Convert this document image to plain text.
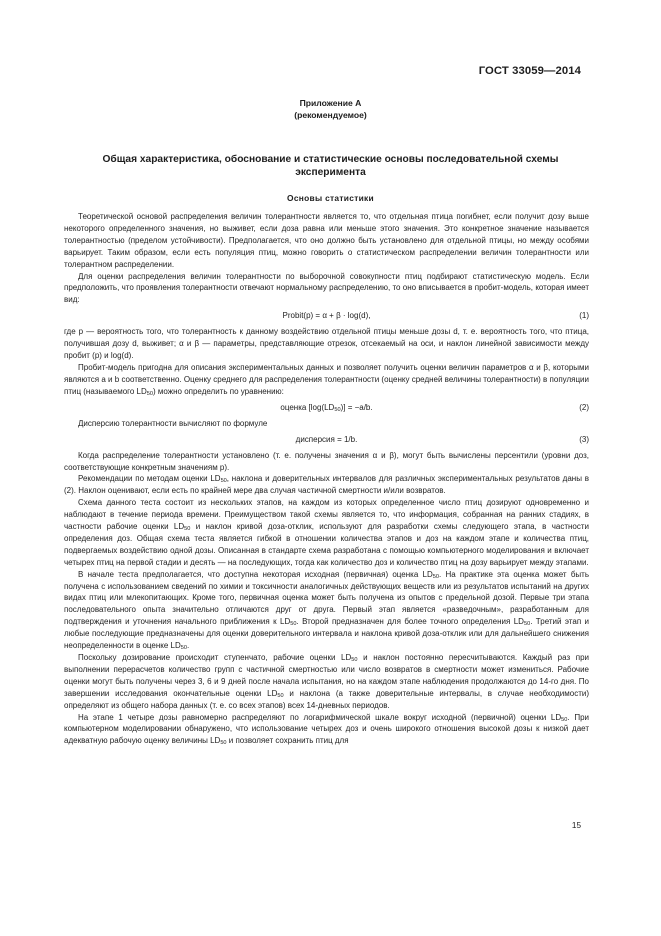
ГОСТ 33059—2014
Приложение А
(рекомендуемое)
Общая характеристика, обоснование и статистические основы последовательной схемы
эксперимента
Основы статистики

Теоретической основой распределения величин толерантности является то, что отдельная птица погибнет, если получит дозу выше некоторого определенного значения, но выживет, если доза равна или меньше этого значения. Это конкретное значение называется толерантностью (пределом устойчивости). Предполагается, что оно должно быть установлено для отдельной птицы, но между особями варьирует. Таким образом, если есть популяция птиц, можно говорить о статистическом распределении величин толерантности или толерантном распределении.

Для оценки распределения величин толерантности по выборочной совокупности птиц подбирают статистическую модель. Если предположить, что проявления толерантности отвечают нормальному распределению, то оно вписывается в пробит-модель, которая имеет вид:

Probit(p) = α + β · log(d),	(1)

где p — вероятность того, что толерантность к данному воздействию отдельной птицы меньше дозы d, т. е. вероятность того, что птица, получившая дозу d, выживет; α и β — параметры, представляющие отрезок, отсекаемый на оси, и наклон линейной зависимости между пробит (p) и log(d).

Пробит-модель пригодна для описания экспериментальных данных и позволяет получить оценки величин параметров α и β, которыми являются a и b соответственно. Оценку среднего для распределения толерантности (оценку средней величины толерантности) в популяции птиц (называемого $LD_{50}$) можно определить по уравнению:

оценка $[\log(LD_{50})] = -a/b$.	(2)

Дисперсию толерантности вычисляют по формуле

дисперсия = 1/b.	(3)

Когда распределение толерантности установлено (т. е. получены значения α и β), могут быть вычислены персентили (уровни доз, соответствующие конкретным значениям p).

Рекомендации по методам оценки $LD_{50}$, наклона и доверительных интервалов для различных экспериментальных результатов даны в (2). Наклон оценивают, если есть по крайней мере два случая частичной смертности и/или возвратов.

Схема данного теста состоит из нескольких этапов, на каждом из которых определенное число птиц дозируют одновременно и наблюдают в течение периода времени. Преимуществом такой схемы является то, что информация, собранная на ранних стадиях, в частности рабочие оценки $LD_{50}$ и наклон кривой доза-отклик, используют для разработки схемы следующего этапа, в частности определения доз. Общая схема теста является гибкой в отношении количества этапов и доз на каждом этапе и количества птиц, подвергаемых воздействию одной дозы. Описанная в стандарте схема разработана с помощью компьютерного моделирования и включает четырех птиц на первой стадии и десять — на последующих, тогда как количество доз и количество птиц на дозу варьирует между этапами.

В начале теста предполагается, что доступна некоторая исходная (первичная) оценка $LD_{50}$. На практике эта оценка может быть получена с использованием сведений по химии и токсичности аналогичных действующих веществ или из результатов испытаний на других видах птиц или млекопитающих. Кроме того, первичная оценка может быть получена из опытов с предельной дозой. Первые три этапа последовательного опыта значительно отличаются друг от друга. Первый этап является «разведочным», разработанным для подтверждения и уточнения начального приближения к $LD_{50}$. Второй предназначен для более точного определения $LD_{50}$. Третий этап и любые последующие предназначены для оценки доверительного интервала и наклона кривой доза-отклик или для дальнейшего снижения неопределенности в оценке $LD_{50}$.

Поскольку дозирование происходит ступенчато, рабочие оценки $LD_{50}$ и наклон постоянно пересчитываются. Каждый раз при выполнении перерасчетов количество групп с частичной смертностью или число возвратов в смертности может измениться. Рабочие оценки могут быть получены через 3, 6 и 9 дней после начала испытания, но на каждом этапе наблюдения продолжаются до 14-го дня. По завершении исследования окончательные оценки $LD_{50}$ и наклона (а также доверительные интервалы, в случае необходимости) определяют из общего набора данных (т. е. со всех этапов) всех 14-дневных периодов.

На этапе 1 четыре дозы равномерно распределяют по логарифмической шкале вокруг исходной (первичной) оценки $LD_{50}$. При компьютерном моделировании обнаружено, что использование четырех доз и очень широкого отношения высокой дозы к низкой дает адекватную рабочую оценку величины $LD_{50}$ и позволяет сохранить птиц для

15
